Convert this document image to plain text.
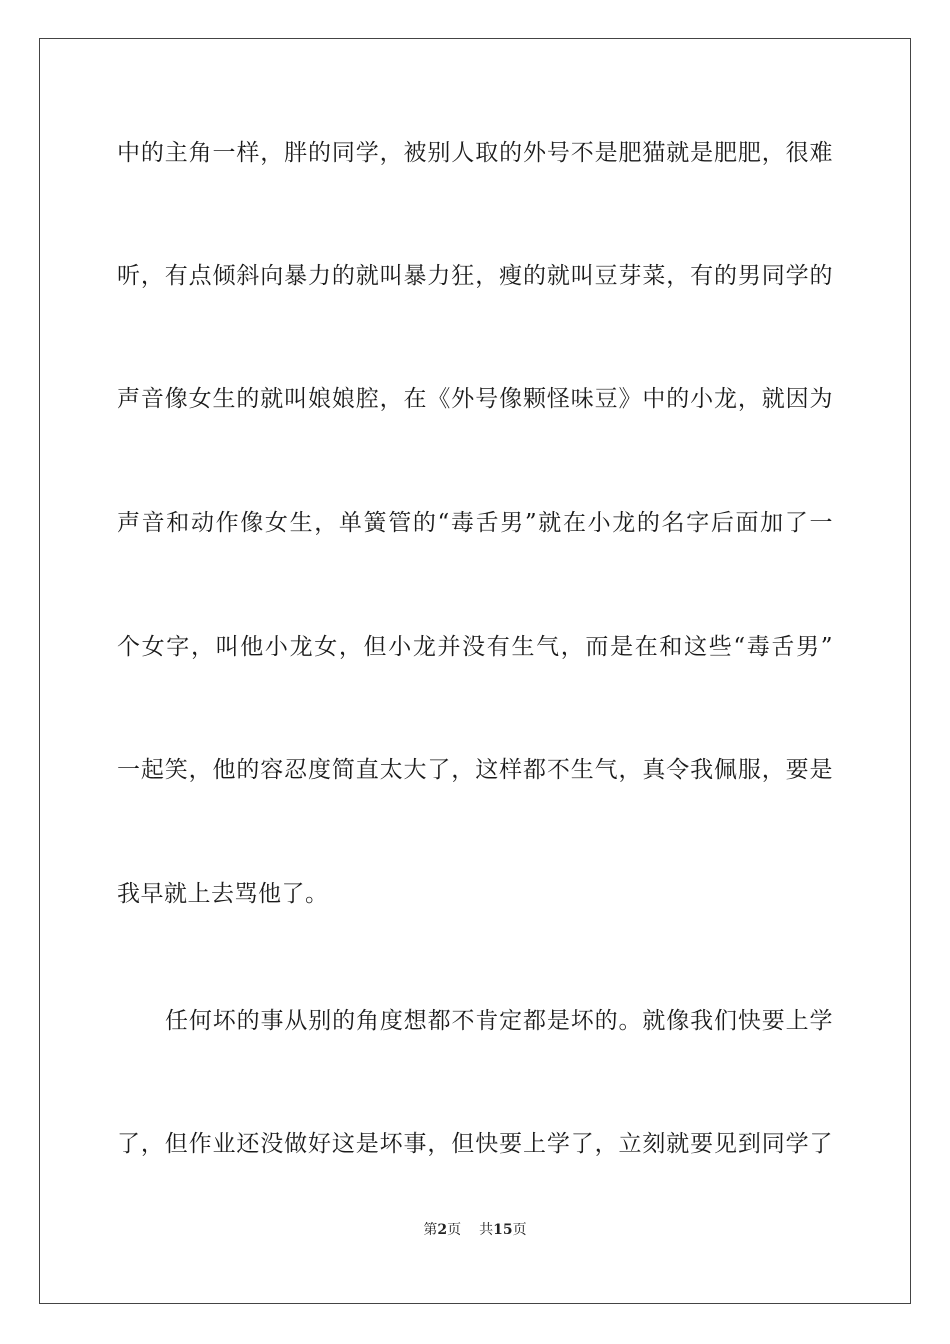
中的主角一样，胖的同学，被别人取的外号不是肥猫就是肥肥，很难
听，有点倾斜向暴力的就叫暴力狂，瘦的就叫豆芽菜，有的男同学的
声音像女生的就叫娘娘腔，在《外号像颗怪味豆》中的小龙，就因为
声音和动作像女生，单簧管的“毒舌男”就在小龙的名字后面加了一
个女字，叫他小龙女，但小龙并没有生气，而是在和这些“毒舌男”
一起笑，他的容忍度简直太大了，这样都不生气，真令我佩服，要是
我早就上去骂他了。
任何坏的事从别的角度想都不肯定都是坏的。就像我们快要上学
了，但作业还没做好这是坏事，但快要上学了，立刻就要见到同学了
第2页 共15页
